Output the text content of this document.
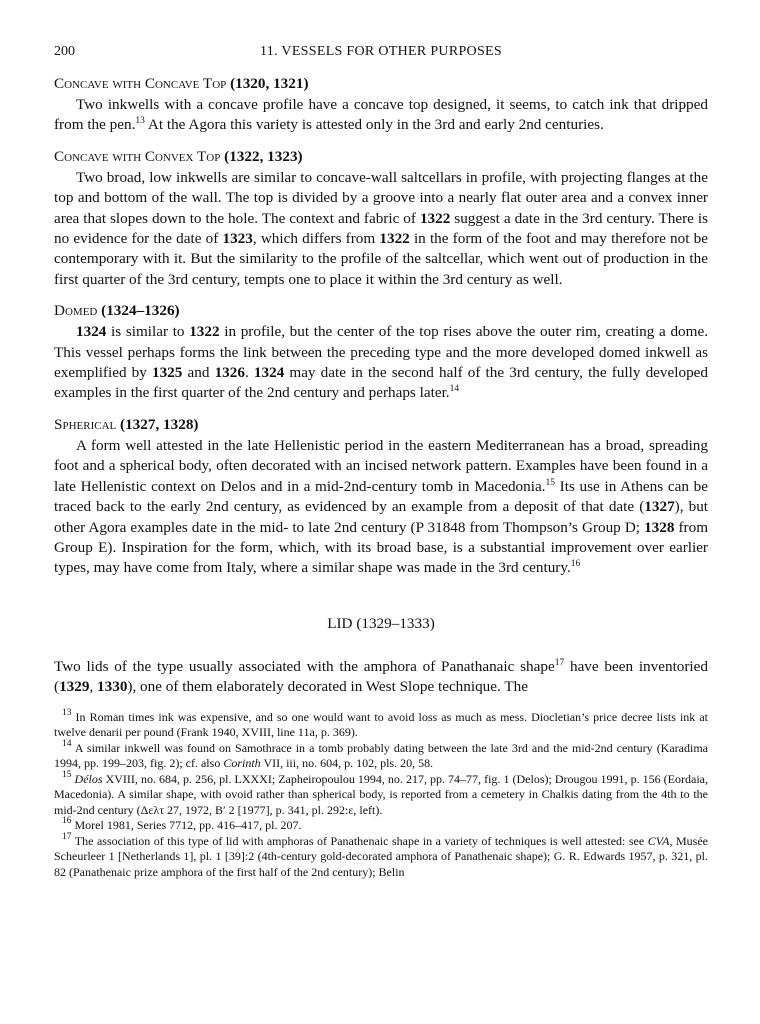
200	11. VESSELS FOR OTHER PURPOSES
Concave with Concave Top (1320, 1321)

Two inkwells with a concave profile have a concave top designed, it seems, to catch ink that dripped from the pen.$^{13}$ At the Agora this variety is attested only in the 3rd and early 2nd centuries.

Concave with Convex Top (1322, 1323)

Two broad, low inkwells are similar to concave-wall saltcellars in profile, with projecting flanges at the top and bottom of the wall. The top is divided by a groove into a nearly flat outer area and a convex inner area that slopes down to the hole. The context and fabric of 1322 suggest a date in the 3rd century. There is no evidence for the date of 1323, which differs from 1322 in the form of the foot and may therefore not be contemporary with it. But the similarity to the profile of the saltcellar, which went out of production in the first quarter of the 3rd century, tempts one to place it within the 3rd century as well.

Domed (1324–1326)

1324 is similar to 1322 in profile, but the center of the top rises above the outer rim, creating a dome. This vessel perhaps forms the link between the preceding type and the more developed domed inkwell as exemplified by 1325 and 1326. 1324 may date in the second half of the 3rd century, the fully developed examples in the first quarter of the 2nd century and perhaps later.$^{14}$

Spherical (1327, 1328)

A form well attested in the late Hellenistic period in the eastern Mediterranean has a broad, spreading foot and a spherical body, often decorated with an incised network pattern. Examples have been found in a late Hellenistic context on Delos and in a mid-2nd-century tomb in Macedonia.$^{15}$ Its use in Athens can be traced back to the early 2nd century, as evidenced by an example from a deposit of that date (1327), but other Agora examples date in the mid- to late 2nd century (P 31848 from Thompson’s Group D; 1328 from Group E). Inspiration for the form, which, with its broad base, is a substantial improvement over earlier types, may have come from Italy, where a similar shape was made in the 3rd century.$^{16}$

LID (1329–1333)

Two lids of the type usually associated with the amphora of Panathanaic shape$^{17}$ have been inventoried (1329, 1330), one of them elaborately decorated in West Slope technique. The

$^{13}$ In Roman times ink was expensive, and so one would want to avoid loss as much as mess. Diocletian’s price decree lists ink at twelve denarii per pound (Frank 1940, XVIII, line 11a, p. 369).

$^{14}$ A similar inkwell was found on Samothrace in a tomb probably dating between the late 3rd and the mid-2nd century (Karadima 1994, pp. 199–203, fig. 2); cf. also Corinth VII, iii, no. 604, p. 102, pls. 20, 58.

$^{15}$ Délos XVIII, no. 684, p. 256, pl. LXXXI; Zapheiropoulou 1994, no. 217, pp. 74–77, fig. 1 (Delos); Drougou 1991, p. 156 (Eordaia, Macedonia). A similar shape, with ovoid rather than spherical body, is reported from a cemetery in Chalkis dating from the 4th to the mid-2nd century (Δελτ 27, 1972, B′ 2 [1977], p. 341, pl. 292:ε, left).

$^{16}$ Morel 1981, Series 7712, pp. 416–417, pl. 207.

$^{17}$ The association of this type of lid with amphoras of Panathenaic shape in a variety of techniques is well attested: see CVA, Musée Scheurleer 1 [Netherlands 1], pl. 1 [39]:2 (4th-century gold-decorated amphora of Panathenaic shape); G. R. Edwards 1957, p. 321, pl. 82 (Panathenaic prize amphora of the first half of the 2nd century); Belin
